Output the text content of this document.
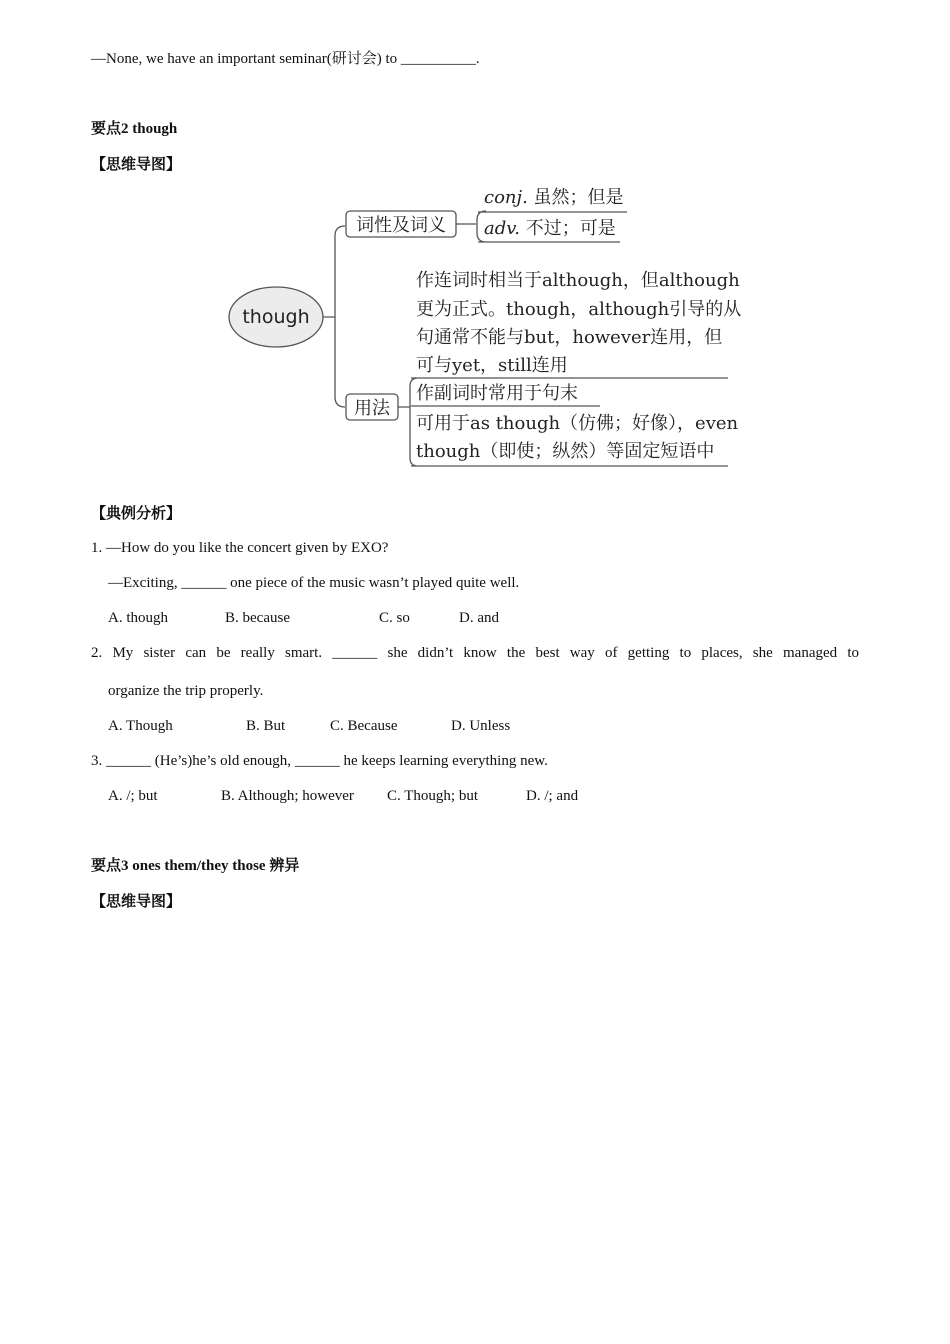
—None, we have an important seminar(研讨会) to __________.
要点2 though
【思维导图】
though
词性及词义
conj. 虽然；但是
adv. 不过；可是
用法
作连词时相当于although，但although
更为正式。though，although引导的从
句通常不能与but，however连用，但
可与yet，still连用
作副词时常用于句末
可用于as though（仿佛；好像），even
though（即使；纵然）等固定短语中
【典例分析】
1. —How do you like the concert given by EXO?
—Exciting, ______ one piece of the music wasn’t played quite well.
A. though	B. because	C. so	D. and
2. My sister can be really smart. ______ she didn’t know the best way of getting to places, she managed to
organize the trip properly.
A. Though	B. But	C. Because	D. Unless
3. ______ (He’s)he’s old enough, ______ he keeps learning everything new.
A. /; but	B. Although; however C. Though; but	D. /; and
要点3 ones them/they those 辨异
【思维导图】
